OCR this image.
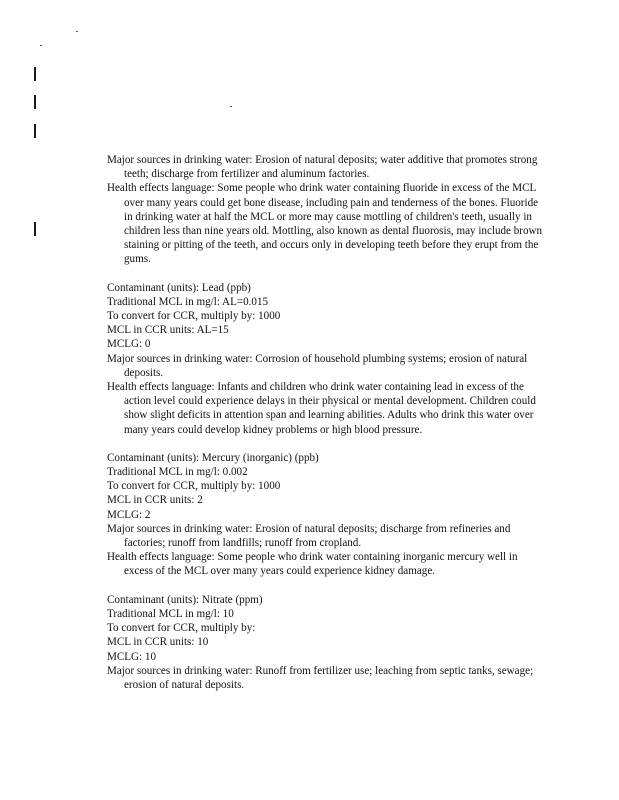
Major sources in drinking water: Erosion of natural deposits; water additive that promotes strong teeth; discharge from fertilizer and aluminum factories.
Health effects language: Some people who drink water containing fluoride in excess of the MCL over many years could get bone disease, including pain and tenderness of the bones. Fluoride in drinking water at half the MCL or more may cause mottling of children's teeth, usually in children less than nine years old. Mottling, also known as dental fluorosis, may include brown staining or pitting of the teeth, and occurs only in developing teeth before they erupt from the gums.
Contaminant (units): Lead (ppb)
Traditional MCL in mg/l: AL=0.015
To convert for CCR, multiply by: 1000
MCL in CCR units: AL=15
MCLG: 0
Major sources in drinking water: Corrosion of household plumbing systems; erosion of natural deposits.
Health effects language: Infants and children who drink water containing lead in excess of the action level could experience delays in their physical or mental development. Children could show slight deficits in attention span and learning abilities. Adults who drink this water over many years could develop kidney problems or high blood pressure.
Contaminant (units): Mercury (inorganic) (ppb)
Traditional MCL in mg/l: 0.002
To convert for CCR, multiply by: 1000
MCL in CCR units: 2
MCLG: 2
Major sources in drinking water: Erosion of natural deposits; discharge from refineries and factories; runoff from landfills; runoff from cropland.
Health effects language: Some people who drink water containing inorganic mercury well in excess of the MCL over many years could experience kidney damage.
Contaminant (units): Nitrate (ppm)
Traditional MCL in mg/l: 10
To convert for CCR, multiply by:
MCL in CCR units: 10
MCLG: 10
Major sources in drinking water: Runoff from fertilizer use; leaching from septic tanks, sewage; erosion of natural deposits.
